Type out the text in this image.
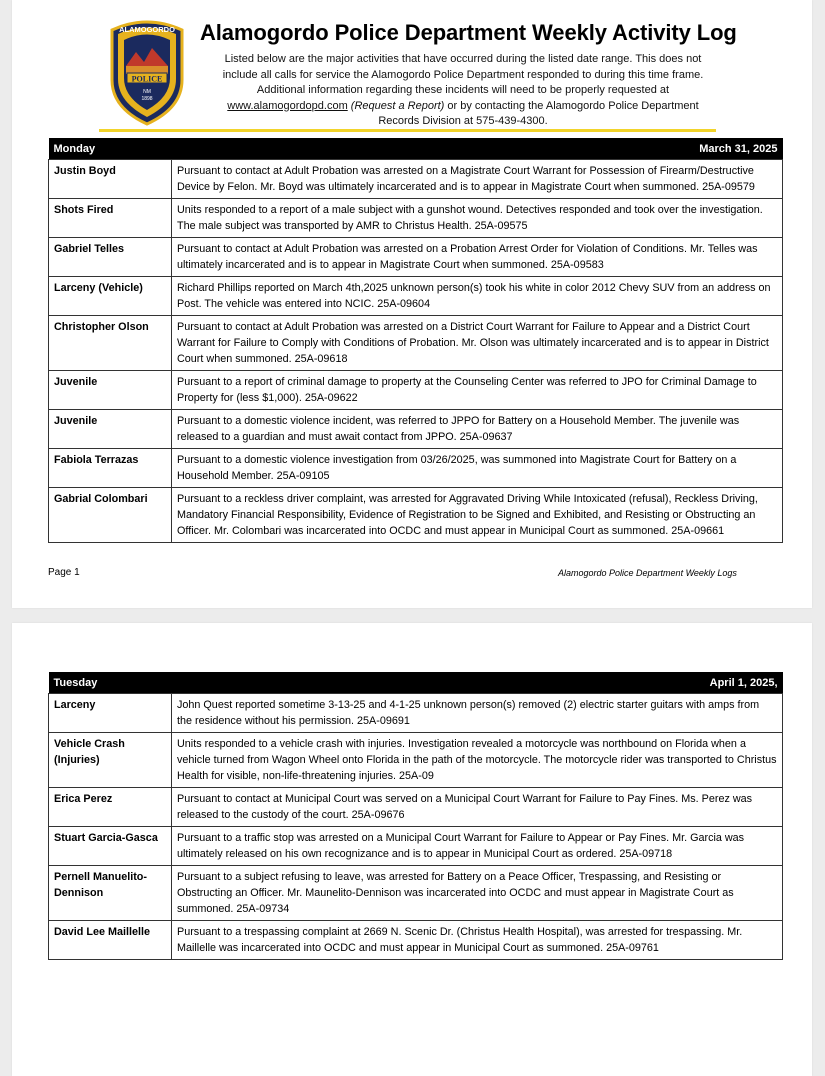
ALAMOGORDO
POLICE
NM
1898
Alamogordo Police Department Weekly Activity Log
Listed below are the major activities that have occurred during the listed date range. This does not include all calls for service the Alamogordo Police Department responded to during this time frame. Additional information regarding these incidents will need to be properly requested at www.alamogordopd.com (Request a Report) or by contacting the Alamogordo Police Department Records Division at 575-439-4300.
Monday	March 31, 2025
Justin Boyd	Pursuant to contact at Adult Probation was arrested on a Magistrate Court Warrant for Possession of Firearm/Destructive Device by Felon. Mr. Boyd was ultimately incarcerated and is to appear in Magistrate Court when summoned. 25A-09579
Shots Fired	Units responded to a report of a male subject with a gunshot wound. Detectives responded and took over the investigation. The male subject was transported by AMR to Christus Health. 25A-09575
Gabriel Telles	Pursuant to contact at Adult Probation was arrested on a Probation Arrest Order for Violation of Conditions. Mr. Telles was ultimately incarcerated and is to appear in Magistrate Court when summoned. 25A-09583
Larceny (Vehicle)	Richard Phillips reported on March 4th,2025 unknown person(s) took his white in color 2012 Chevy SUV from an address on Post. The vehicle was entered into NCIC. 25A-09604
Christopher Olson	Pursuant to contact at Adult Probation was arrested on a District Court Warrant for Failure to Appear and a District Court Warrant for Failure to Comply with Conditions of Probation. Mr. Olson was ultimately incarcerated and is to appear in District Court when summoned. 25A-09618
Juvenile	Pursuant to a report of criminal damage to property at the Counseling Center was referred to JPO for Criminal Damage to Property for (less $1,000). 25A-09622
Juvenile	Pursuant to a domestic violence incident, was referred to JPPO for Battery on a Household Member. The juvenile was released to a guardian and must await contact from JPPO. 25A-09637
Fabiola Terrazas	Pursuant to a domestic violence investigation from 03/26/2025, was summoned into Magistrate Court for Battery on a Household Member. 25A-09105
Gabrial Colombari	Pursuant to a reckless driver complaint, was arrested for Aggravated Driving While Intoxicated (refusal), Reckless Driving, Mandatory Financial Responsibility, Evidence of Registration to be Signed and Exhibited, and Resisting or Obstructing an Officer. Mr. Colombari was incarcerated into OCDC and must appear in Municipal Court as summoned. 25A-09661
Page 1	Alamogordo Police Department Weekly Logs
Tuesday	April 1, 2025,
Larceny	John Quest reported sometime 3-13-25 and 4-1-25 unknown person(s) removed (2) electric starter guitars with amps from the residence without his permission. 25A-09691
Vehicle Crash (Injuries)	Units responded to a vehicle crash with injuries. Investigation revealed a motorcycle was northbound on Florida when a vehicle turned from Wagon Wheel onto Florida in the path of the motorcycle. The motorcycle rider was transported to Christus Health for visible, non-life-threatening injuries. 25A-09
Erica Perez	Pursuant to contact at Municipal Court was served on a Municipal Court Warrant for Failure to Pay Fines. Ms. Perez was released to the custody of the court. 25A-09676
Stuart Garcia-Gasca	Pursuant to a traffic stop was arrested on a Municipal Court Warrant for Failure to Appear or Pay Fines. Mr. Garcia was ultimately released on his own recognizance and is to appear in Municipal Court as ordered. 25A-09718
Pernell Manuelito-Dennison	Pursuant to a subject refusing to leave, was arrested for Battery on a Peace Officer, Trespassing, and Resisting or Obstructing an Officer. Mr. Maunelito-Dennison was incarcerated into OCDC and must appear in Magistrate Court as summoned. 25A-09734
David Lee Maillelle	Pursuant to a trespassing complaint at 2669 N. Scenic Dr. (Christus Health Hospital), was arrested for trespassing. Mr. Maillelle was incarcerated into OCDC and must appear in Municipal Court as summoned. 25A-09761
